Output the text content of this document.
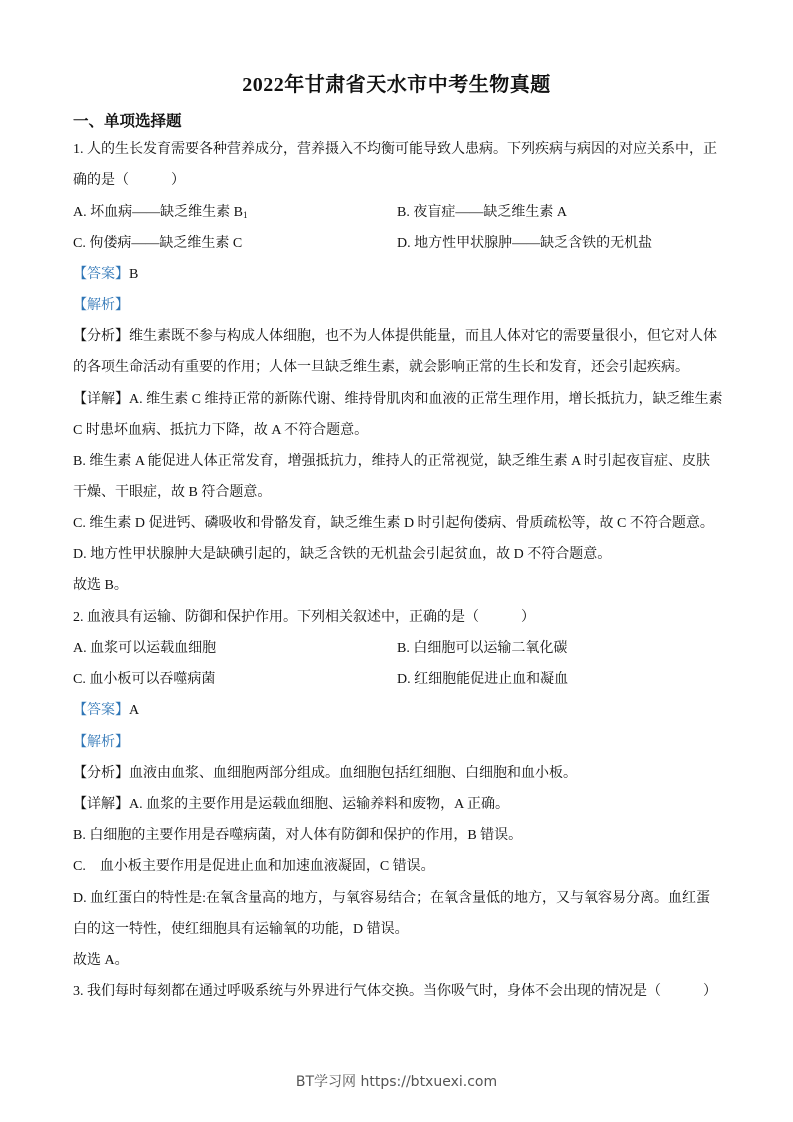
2022年甘肃省天水市中考生物真题
一、单项选择题
1. 人的生长发育需要各种营养成分，营养摄入不均衡可能导致人患病。下列疾病与病因的对应关系中，正
确的是（　　　）
A. 坏血病——缺乏维生素 $B_1$	B. 夜盲症——缺乏维生素 A
C. 佝偻病——缺乏维生素 C	D. 地方性甲状腺肿——缺乏含铁的无机盐
【答案】B
【解析】
【分析】维生素既不参与构成人体细胞，也不为人体提供能量，而且人体对它的需要量很小，但它对人体
的各项生命活动有重要的作用；人体一旦缺乏维生素，就会影响正常的生长和发育，还会引起疾病。
【详解】A. 维生素 C 维持正常的新陈代谢、维持骨肌肉和血液的正常生理作用，增长抵抗力，缺乏维生素
C 时患坏血病、抵抗力下降，故 A 不符合题意。
B. 维生素 A 能促进人体正常发育，增强抵抗力，维持人的正常视觉，缺乏维生素 A 时引起夜盲症、皮肤
干燥、干眼症，故 B 符合题意。
C. 维生素 D 促进钙、磷吸收和骨骼发育，缺乏维生素 D 时引起佝偻病、骨质疏松等，故 C 不符合题意。
D. 地方性甲状腺肿大是缺碘引起的，缺乏含铁的无机盐会引起贫血，故 D 不符合题意。
故选 B。
2. 血液具有运输、防御和保护作用。下列相关叙述中，正确的是（　　　）
A. 血浆可以运载血细胞	B. 白细胞可以运输二氧化碳
C. 血小板可以吞噬病菌	D. 红细胞能促进止血和凝血
【答案】A
【解析】
【分析】血液由血浆、血细胞两部分组成。血细胞包括红细胞、白细胞和血小板。
【详解】A. 血浆的主要作用是运载血细胞、运输养料和废物，A 正确。
B. 白细胞的主要作用是吞噬病菌，对人体有防御和保护的作用，B 错误。
C.　血小板主要作用是促进止血和加速血液凝固，C 错误。
D. 血红蛋白的特性是:在氧含量高的地方，与氧容易结合；在氧含量低的地方，又与氧容易分离。血红蛋
白的这一特性，使红细胞具有运输氧的功能，D 错误。
故选 A。
3. 我们每时每刻都在通过呼吸系统与外界进行气体交换。当你吸气时，身体不会出现的情况是（　　　）
BT学习网 https://btxuexi.com
